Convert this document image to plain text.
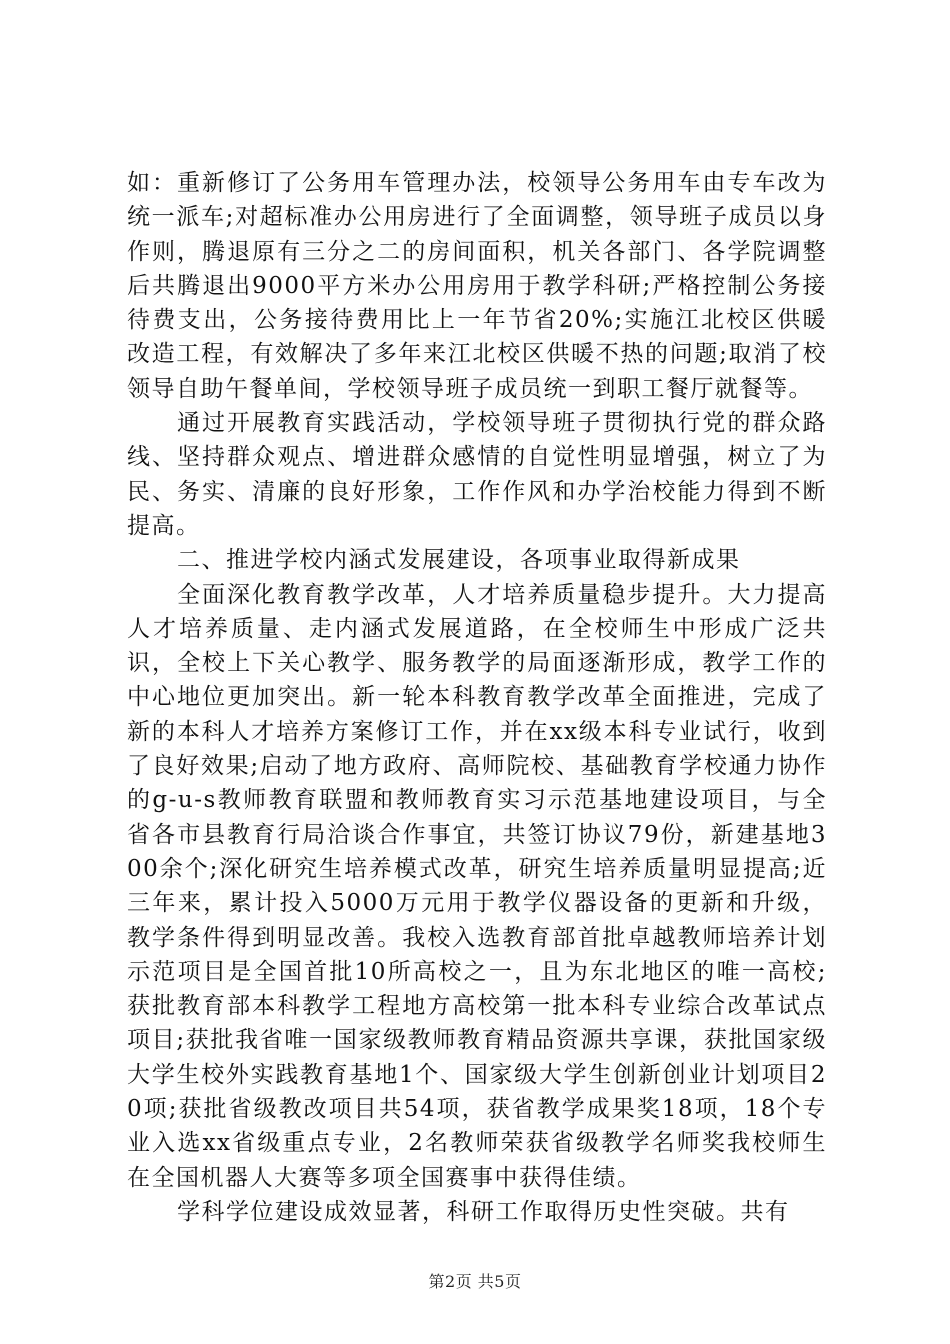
如：重新修订了公务用车管理办法，校领导公务用车由专车改为统一派车;对超标准办公用房进行了全面调整，领导班子成员以身作则，腾退原有三分之二的房间面积，机关各部门、各学院调整后共腾退出9000平方米办公用房用于教学科研;严格控制公务接待费支出，公务接待费用比上一年节省20%;实施江北校区供暖改造工程，有效解决了多年来江北校区供暖不热的问题;取消了校领导自助午餐单间，学校领导班子成员统一到职工餐厅就餐等。

通过开展教育实践活动，学校领导班子贯彻执行党的群众路线、坚持群众观点、增进群众感情的自觉性明显增强，树立了为民、务实、清廉的良好形象，工作作风和办学治校能力得到不断提高。

二、推进学校内涵式发展建设，各项事业取得新成果

全面深化教育教学改革，人才培养质量稳步提升。大力提高人才培养质量、走内涵式发展道路，在全校师生中形成广泛共识，全校上下关心教学、服务教学的局面逐渐形成，教学工作的中心地位更加突出。新一轮本科教育教学改革全面推进，完成了新的本科人才培养方案修订工作，并在xx级本科专业试行，收到了良好效果;启动了地方政府、高师院校、基础教育学校通力协作的g-u-s教师教育联盟和教师教育实习示范基地建设项目，与全省各市县教育行局洽谈合作事宜，共签订协议79份，新建基地300余个;深化研究生培养模式改革，研究生培养质量明显提高;近三年来，累计投入5000万元用于教学仪器设备的更新和升级，教学条件得到明显改善。我校入选教育部首批卓越教师培养计划示范项目是全国首批10所高校之一，且为东北地区的唯一高校;获批教育部本科教学工程地方高校第一批本科专业综合改革试点项目;获批我省唯一国家级教师教育精品资源共享课，获批国家级大学生校外实践教育基地1个、国家级大学生创新创业计划项目20项;获批省级教改项目共54项，获省教学成果奖18项，18个专业入选xx省级重点专业，2名教师荣获省级教学名师奖我校师生在全国机器人大赛等多项全国赛事中获得佳绩。

学科学位建设成效显著，科研工作取得历史性突破。共有

第2页 共5页
